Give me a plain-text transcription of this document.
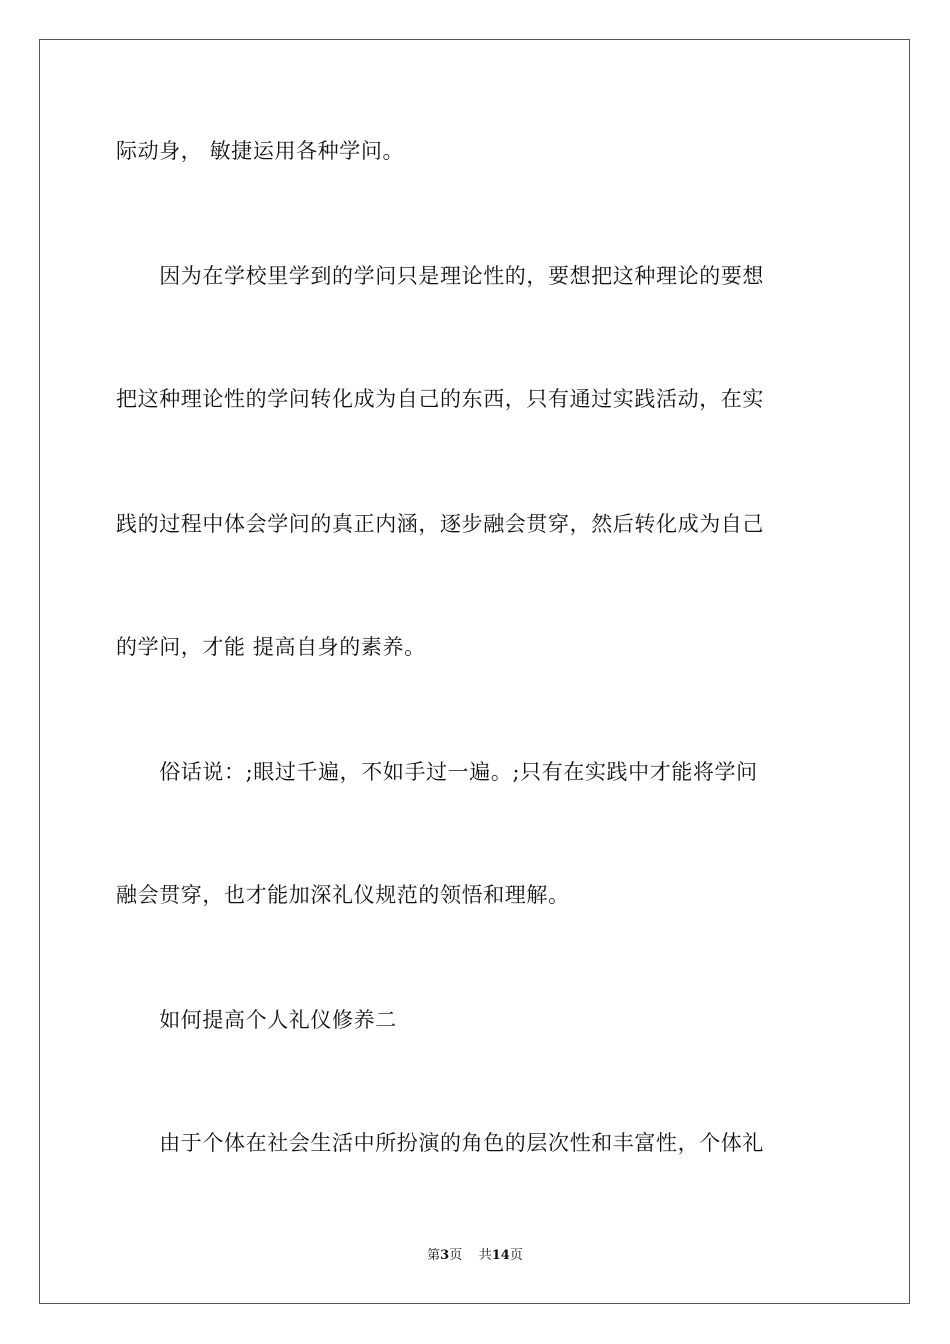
际动身， 敏捷运用各种学问。
　　因为在学校里学到的学问只是理论性的，要想把这种理论的要想
把这种理论性的学问转化成为自己的东西，只有通过实践活动，在实
践的过程中体会学问的真正内涵，逐步融会贯穿，然后转化成为自己
的学问，才能 提高自身的素养。
　　俗话说：;眼过千遍，不如手过一遍。;只有在实践中才能将学问
融会贯穿，也才能加深礼仪规范的领悟和理解。
　　如何提高个人礼仪修养二
　　由于个体在社会生活中所扮演的角色的层次性和丰富性，个体礼
第3页 共14页
